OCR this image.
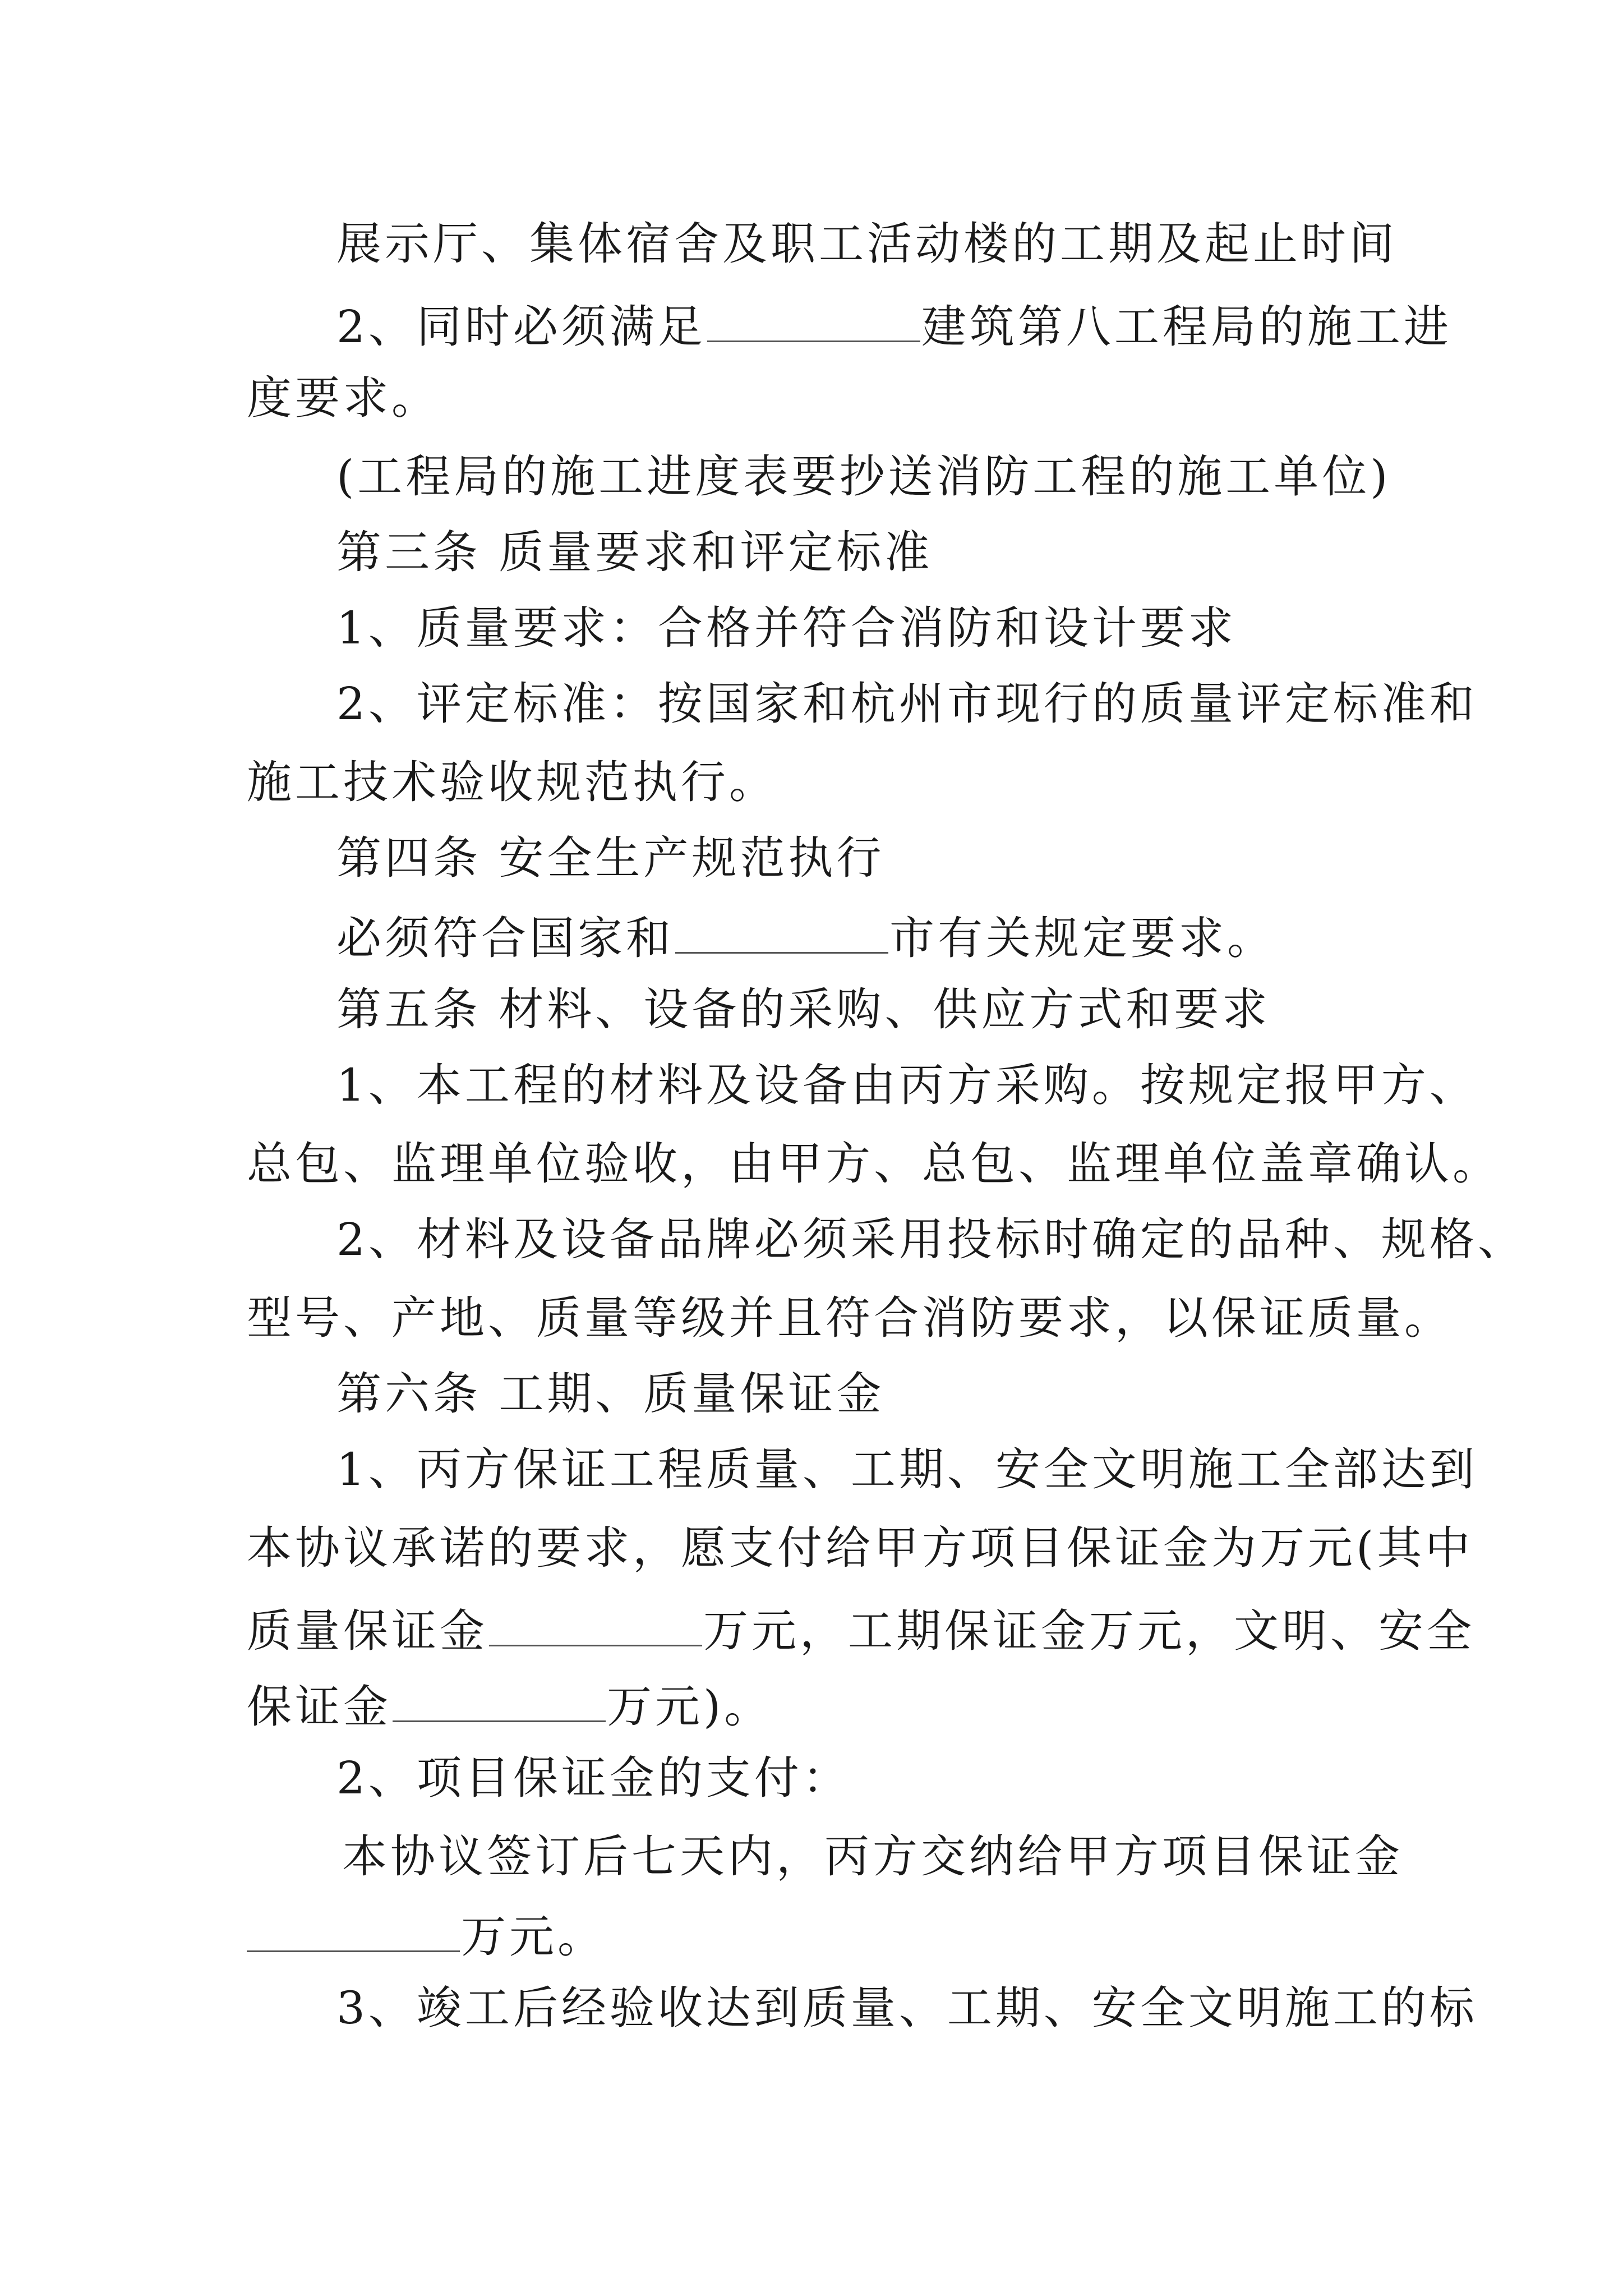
展示厅、集体宿舍及职工活动楼的工期及起止时间
2、同时必须满足	建筑第八工程局的施工进
度要求。
(工程局的施工进度表要抄送消防工程的施工单位)
第三条 质量要求和评定标准
1、质量要求：合格并符合消防和设计要求
2、评定标准：按国家和杭州市现行的质量评定标准和
施工技术验收规范执行。
第四条 安全生产规范执行
必须符合国家和	市有关规定要求。
第五条 材料、设备的采购、供应方式和要求
1、本工程的材料及设备由丙方采购。按规定报甲方、
总包、监理单位验收，由甲方、总包、监理单位盖章确认。
2、材料及设备品牌必须采用投标时确定的品种、规格、
型号、产地、质量等级并且符合消防要求，以保证质量。
第六条 工期、质量保证金
1、丙方保证工程质量、工期、安全文明施工全部达到
本协议承诺的要求，愿支付给甲方项目保证金为万元(其中
质量保证金	万元，工期保证金万元，文明、安全
保证金	万元)。
2、项目保证金的支付：
本协议签订后七天内，丙方交纳给甲方项目保证金
万元。
3、竣工后经验收达到质量、工期、安全文明施工的标
